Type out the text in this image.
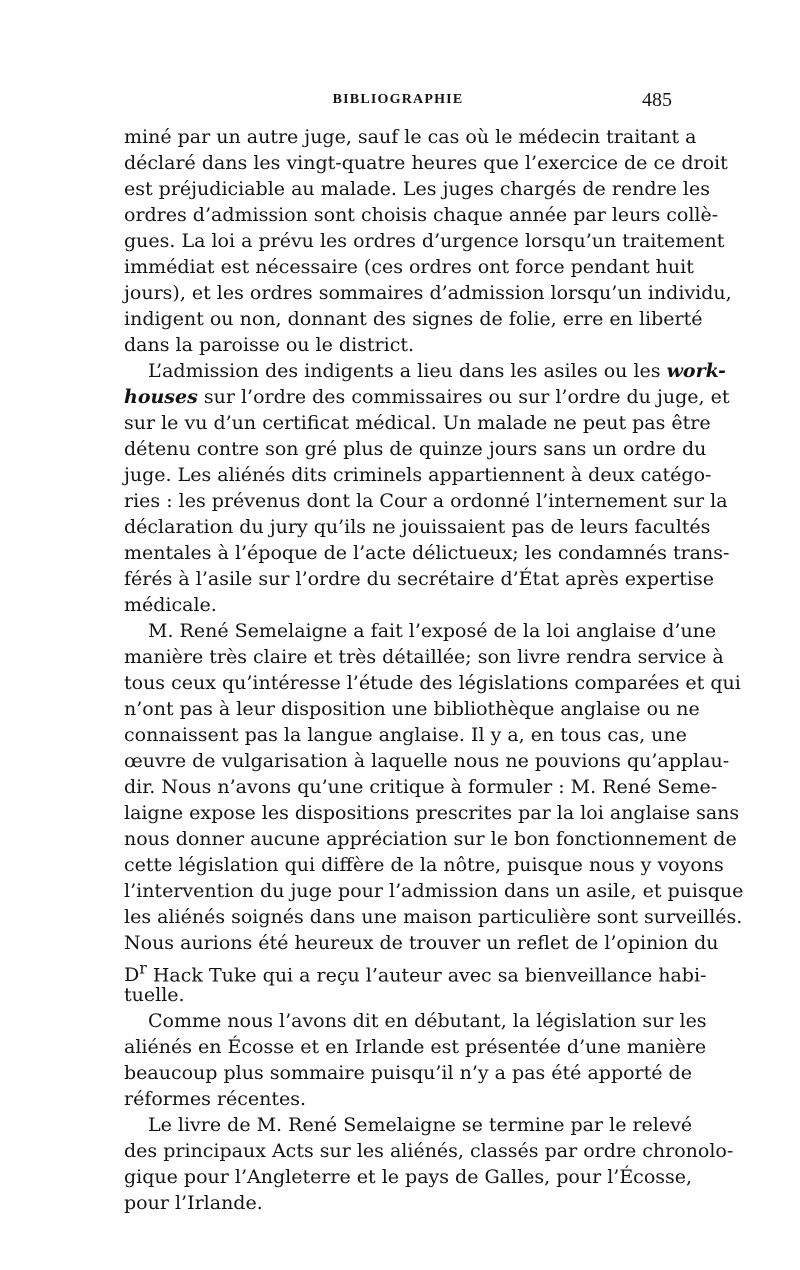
BIBLIOGRAPHIE	485
miné par un autre juge, sauf le cas où le médecin traitant a
déclaré dans les vingt-quatre heures que l’exercice de ce droit
est préjudiciable au malade. Les juges chargés de rendre les
ordres d’admission sont choisis chaque année par leurs collè-
gues. La loi a prévu les ordres d’urgence lorsqu’un traitement
immédiat est nécessaire (ces ordres ont force pendant huit
jours), et les ordres sommaires d’admission lorsqu’un individu,
indigent ou non, donnant des signes de folie, erre en liberté
dans la paroisse ou le district.
L’admission des indigents a lieu dans les asiles ou les work-
houses sur l’ordre des commissaires ou sur l’ordre du juge, et
sur le vu d’un certificat médical. Un malade ne peut pas être
détenu contre son gré plus de quinze jours sans un ordre du
juge. Les aliénés dits criminels appartiennent à deux catégo-
ries : les prévenus dont la Cour a ordonné l’internement sur la
déclaration du jury qu’ils ne jouissaient pas de leurs facultés
mentales à l’époque de l’acte délictueux; les condamnés trans-
férés à l’asile sur l’ordre du secrétaire d’État après expertise
médicale.
M. René Semelaigne a fait l’exposé de la loi anglaise d’une
manière très claire et très détaillée; son livre rendra service à
tous ceux qu’intéresse l’étude des législations comparées et qui
n’ont pas à leur disposition une bibliothèque anglaise ou ne
connaissent pas la langue anglaise. Il y a, en tous cas, une
œuvre de vulgarisation à laquelle nous ne pouvions qu’applau-
dir. Nous n’avons qu’une critique à formuler : M. René Seme-
laigne expose les dispositions prescrites par la loi anglaise sans
nous donner aucune appréciation sur le bon fonctionnement de
cette législation qui diffère de la nôtre, puisque nous y voyons
l’intervention du juge pour l’admission dans un asile, et puisque
les aliénés soignés dans une maison particulière sont surveillés.
Nous aurions été heureux de trouver un reflet de l’opinion du
$D^r$ Hack Tuke qui a reçu l’auteur avec sa bienveillance habi-
tuelle.
Comme nous l’avons dit en débutant, la législation sur les
aliénés en Écosse et en Irlande est présentée d’une manière
beaucoup plus sommaire puisqu’il n’y a pas été apporté de
réformes récentes.
Le livre de M. René Semelaigne se termine par le relevé
des principaux Acts sur les aliénés, classés par ordre chronolo-
gique pour l’Angleterre et le pays de Galles, pour l’Écosse,
pour l’Irlande.
